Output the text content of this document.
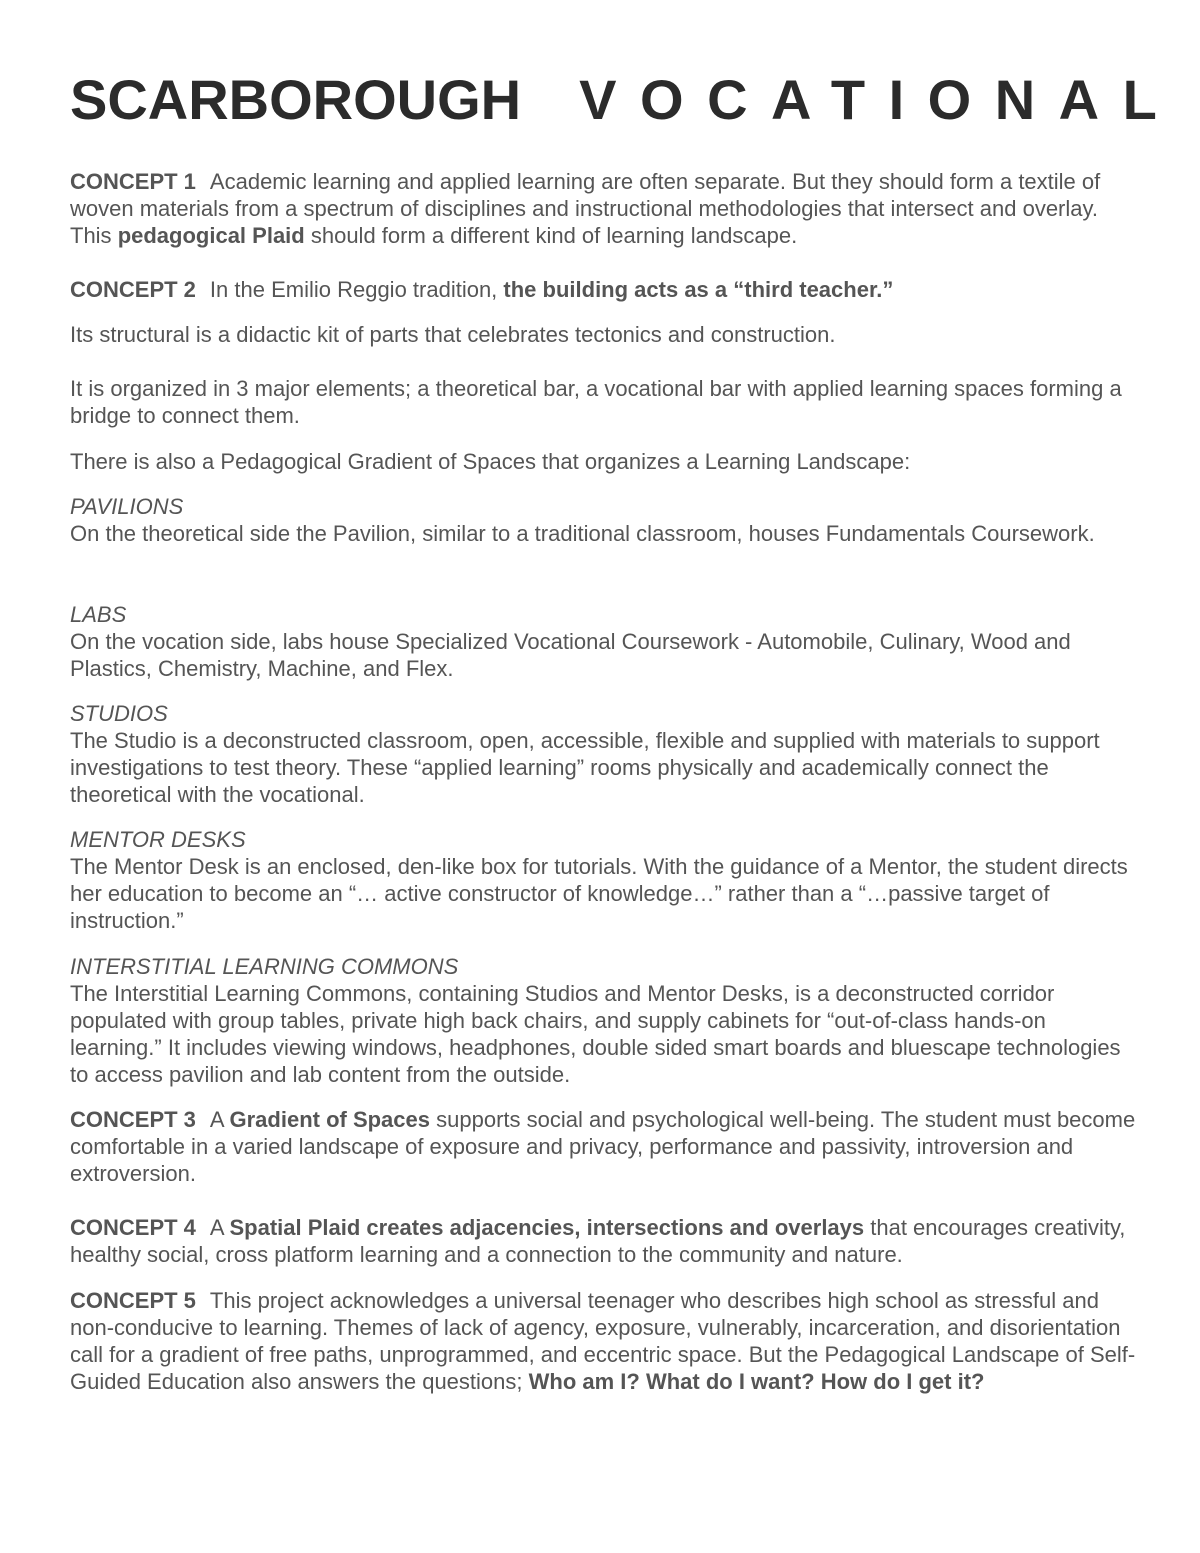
SCARBOROUGH VOCATIONAL

CONCEPT 1 Academic learning and applied learning are often separate. But they should form a textile of woven materials from a spectrum of disciplines and instructional methodologies that intersect and overlay. This pedagogical Plaid should form a different kind of learning landscape.

CONCEPT 2 In the Emilio Reggio tradition, the building acts as a “third teacher.”

Its structural is a didactic kit of parts that celebrates tectonics and construction.

It is organized in 3 major elements; a theoretical bar, a vocational bar with applied learning spaces forming a bridge to connect them.

There is also a Pedagogical Gradient of Spaces that organizes a Learning Landscape:

PAVILIONS
On the theoretical side the Pavilion, similar to a traditional classroom, houses Fundamentals Coursework.
LABS
On the vocation side, labs house Specialized Vocational Coursework - Automobile, Culinary, Wood and Plastics, Chemistry, Machine, and Flex.
STUDIOS
The Studio is a deconstructed classroom, open, accessible, flexible and supplied with materials to support investigations to test theory. These “applied learning” rooms physically and academically connect the theoretical with the vocational.
MENTOR DESKS
The Mentor Desk is an enclosed, den-like box for tutorials. With the guidance of a Mentor, the student directs her education to become an “… active constructor of knowledge…” rather than a “…passive target of instruction.”
INTERSTITIAL LEARNING COMMONS
The Interstitial Learning Commons, containing Studios and Mentor Desks, is a deconstructed corridor populated with group tables, private high back chairs, and supply cabinets for “out-of-class hands-on learning.” It includes viewing windows, headphones, double sided smart boards and bluescape technologies to access pavilion and lab content from the outside.

CONCEPT 3 A Gradient of Spaces supports social and psychological well-being. The student must become comfortable in a varied landscape of exposure and privacy, performance and passivity, introversion and extroversion.

CONCEPT 4 A Spatial Plaid creates adjacencies, intersections and overlays that encourages creativity, healthy social, cross platform learning and a connection to the community and nature.

CONCEPT 5 This project acknowledges a universal teenager who describes high school as stressful and non-conducive to learning. Themes of lack of agency, exposure, vulnerably, incarceration, and disorientation call for a gradient of free paths, unprogrammed, and eccentric space. But the Pedagogical Landscape of Self-Guided Education also answers the questions; Who am I? What do I want? How do I get it?
